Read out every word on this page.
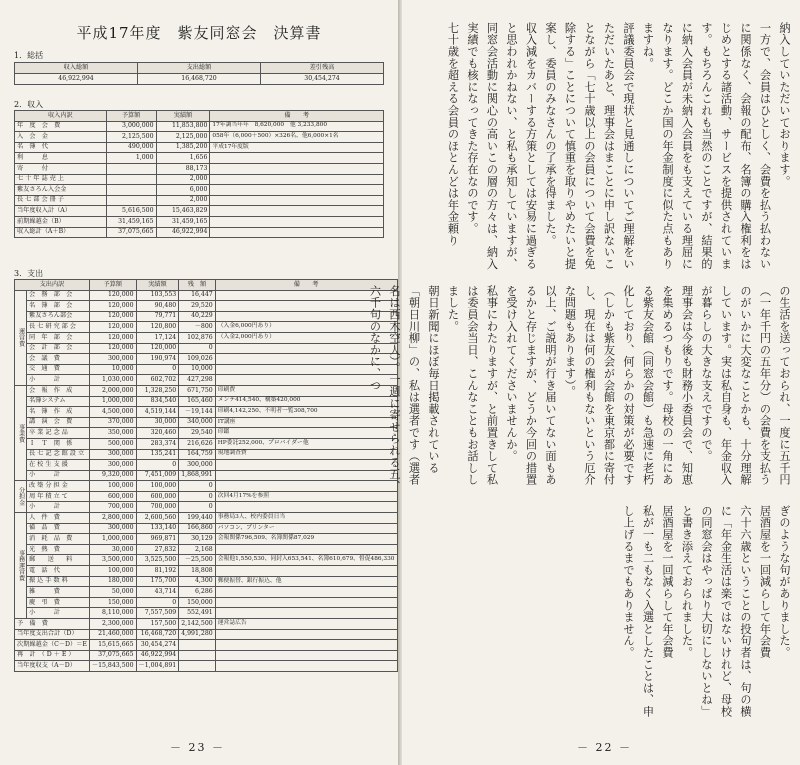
平成17年度　紫友同窓会　決算書
1．総括
収入総額	支出総額	差引残高
46,922,994	16,468,720	30,454,274
2．収入
収入内訳	予算額	実績額	備　　考
年　度　会　費	3,000,000	11,853,800	17年調当年年　8,620,000　他 3,233,800
入　会　金	2,125,500	2,125,000	058年（6,000＋500）×326名、他6,000×1名
名　簿　代	490,000	1,385,200	平成17年度版
利　　　息	1,000	1,656	
寄　　　付		88,173	
七 十 年 誌 売 上		2,000	
紫友さろん入会金		6,000	
長 七 部 会 冊 子		2,000	
当年度収入計（A）	5,616,500	15,463,829	
前期繰越金（B）	31,459,165	31,459,165	
収入総計（A＋B）	37,075,665	46,922,994	
3．支出
支出内訳		予算額	実績額	残　額	備　　考
運営費	会　務　部　会	120,000	103,553	16,447	
	名　簿　部　会	120,000	90,480	29,520	
	紫友さろん部会	120,000	79,771	40,229	
	長 七 研 究 部 会	120,000	120,800	－800	（入金6,000円あり）
	同　年　部　会	120,000	17,124	102,876	（入金2,000円あり）
	会　計　部　会	120,000	120,000	0	
	会　議　費	300,000	190,974	109,026	
	交　通　費	10,000	0	10,000	
	小　　　計	1,030,000	602,702	427,298	
事業費	会　報　作　成	2,000,000	1,328,250	671,750	印刷費
	名簿システム	1,000,000	834,540	165,460	メンテ414,540、構築420,000
	名　簿　作　成	4,500,000	4,519,144	－19,144	印刷4,142,250、不明者一覧308,700
	講　演　会　費	370,000	30,000	340,000	IT講座
	卒 業 記 念 品	350,000	320,460	29,540	印鑑
	Ｉ　Ｔ　関　係	500,000	283,374	216,626	HP委託252,000、プロバイダー他
	長 七 記 念 館 設 立	300,000	135,241	164,759	現地調査費
	在 校 生 支 援	300,000	0	300,000	
	小　　　計	9,320,000	7,451,009	1,868,991	
分担金	改 築 分 担 金	100,000	100,000	0	
	周 年 積 立 て	600,000	600,000	0	次回4月17%を参照
	小　　　計	700,000	700,000	0	
事務運営費	人　件　費	2,800,000	2,600,560	199,440	事務局3人、校内委員日当
	備　品　費	300,000	133,140	166,860	パソコン、プリンター
	消　耗　品　費	1,000,000	969,871	30,129	会報関係796,509、名簿関係87,029
	光　熱　費	30,000	27,832	2,168	
	郵　　送　　料	3,500,000	3,525,500	－25,500	会報他1,550,530、同封入653,541、名簿610,679、督促486,330
	電　話　代	100,000	81,192	18,808	
	振 込 手 数 料	180,000	175,700	4,300	郵便振替、銀行振込、他
	雑　　　費	50,000	43,714	6,286	
	慶　弔　費	150,000	0	150,000	
	小　　　計	8,110,000	7,557,509	552,491	
予　備　費		2,300,000	157,500	2,142,500	運営誌広告
当年度支出合計（D）		21,460,000	16,468,720	4,991,280	
次期繰越金（C－D）＝E		15,615,665	30,454,274		
再　計　（ D ＋ E ）		37,075,665	46,922,994		
当年度収支（A－D）		－15,843,500	－1,004,891		
－ 23 －
納入していただいております。
一方で、会員はひとしく、会費を払う払わないに関係なく、会報の配布、名簿の購入権利をはじめとする諸活動、サービスを提供されています。もちろんこれも当然のことですが、結果的に納入会員が未納入会員をも支えている理屈になります。どこか国の年金制度に似た点もありますね。
評議委員会で現状と見通しについてご理解をいただいたあと、理事会はまことに申し訳ないことながら「七十歳以上の会員について会費を免除する」ことについて慎重を取りやめたいと提案し、委員のみなさんの了承を得ました。
収入減をカバーする方策としては安易に過ぎると思われかねない、と私も承知していますが、同窓会活動に関心の高いこの層の方々は、納入実績でも核になってきた存在なのです。
七十歳を超える会員のほとんどは年金頼り
の生活を送っておられ、一度に五千円（一年千円の五年分）の会費を支払うのがいかに大変なことかも、十分理解しています。実は私自身も、年金収入が暮らしの大きな支えですので。
理事会は今後も財務小委員会で、知恵を集めるつもりです。母校の一角にある紫友会館（同窓会館）も急速に老朽化しており、何らかの対策が必要です（しかも紫友会が会館を東京都に寄付し、現在は何の権利もないという厄介な問題もあります）。
以上、ご説明が行き届いてない面もあるかと存じますが、どうか今回の措置を受け入れてくださいませんか。
私事にわたりますが、と前置きして私は委員会当日、こんなこともお話ししました。
朝日新聞にほぼ毎日掲載されている「朝日川柳」の、私は選者です（選者名は西木空人）。一週に寄せられる五、六千句のなかに、つ
ぎのような句がありました。
居酒屋を一回減らして年会費
六十六歳ということの投句者は、句の横に「年金生活は楽ではないけれど、母校の同窓会はやっぱり大切にしないとね」と書き添えておられました。
居酒屋を一回減らして年会費
私が一も二もなく入選としたことは、申し上げるまでもありません。
－ 22 －
